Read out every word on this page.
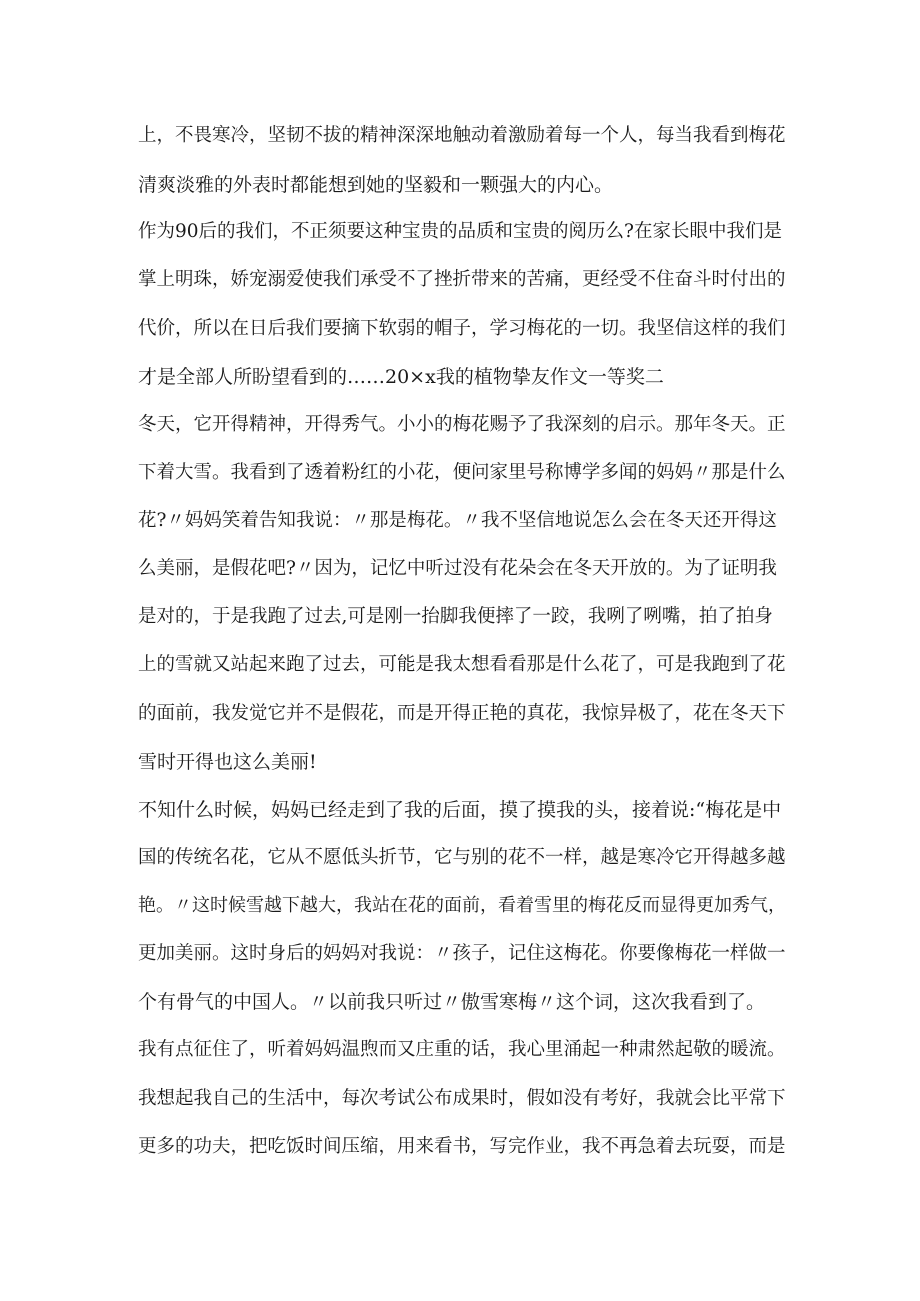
上，不畏寒冷，坚韧不拔的精神深深地触动着激励着每一个人，每当我看到梅花

清爽淡雅的外表时都能想到她的坚毅和一颗强大的内心。

作为90后的我们，不正须要这种宝贵的品质和宝贵的阅历么?在家长眼中我们是

掌上明珠，娇宠溺爱使我们承受不了挫折带来的苦痛，更经受不住奋斗时付出的

代价，所以在日后我们要摘下软弱的帽子，学习梅花的一切。我坚信这样的我们

才是全部人所盼望看到的……20×x我的植物挚友作文一等奖二

冬天，它开得精神，开得秀气。小小的梅花赐予了我深刻的启示。那年冬天。正

下着大雪。我看到了透着粉红的小花，便问家里号称博学多闻的妈妈〃那是什么

花?〃妈妈笑着告知我说：〃那是梅花。〃我不坚信地说怎么会在冬天还开得这

么美丽，是假花吧?〃因为，记忆中听过没有花朵会在冬天开放的。为了证明我

是对的，于是我跑了过去,可是刚一抬脚我便摔了一跤，我咧了咧嘴，拍了拍身

上的雪就又站起来跑了过去，可能是我太想看看那是什么花了，可是我跑到了花

的面前，我发觉它并不是假花，而是开得正艳的真花，我惊异极了，花在冬天下

雪时开得也这么美丽!

不知什么时候，妈妈已经走到了我的后面，摸了摸我的头，接着说:“梅花是中

国的传统名花，它从不愿低头折节，它与别的花不一样，越是寒冷它开得越多越

艳。〃这时候雪越下越大，我站在花的面前，看着雪里的梅花反而显得更加秀气，

更加美丽。这时身后的妈妈对我说：〃孩子，记住这梅花。你要像梅花一样做一

个有骨气的中国人。〃以前我只听过〃傲雪寒梅〃这个词，这次我看到了。

我有点征住了，听着妈妈温煦而又庄重的话，我心里涌起一种肃然起敬的暖流。

我想起我自己的生活中，每次考试公布成果时，假如没有考好，我就会比平常下

更多的功夫，把吃饭时间压缩，用来看书，写完作业，我不再急着去玩耍，而是
